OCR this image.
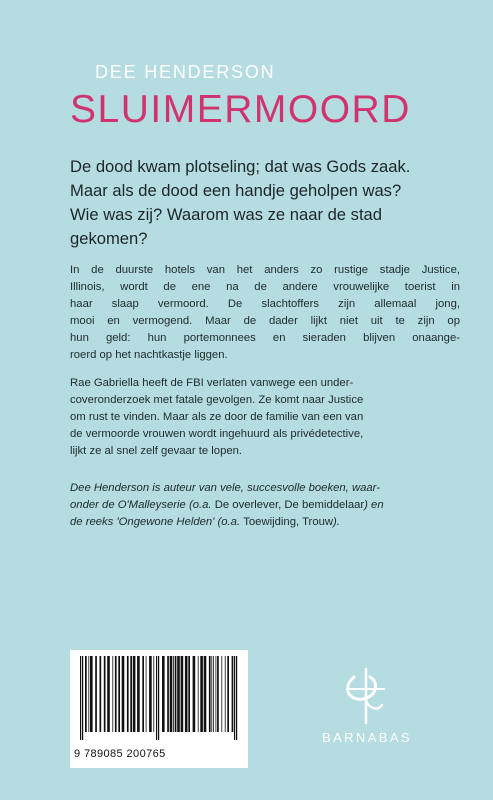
DEE HENDERSON
SLUIMERMOORD
De dood kwam plotseling; dat was Gods zaak.
Maar als de dood een handje geholpen was?
Wie was zij? Waarom was ze naar de stad
gekomen?
In de duurste hotels van het anders zo rustige stadje Justice,
Illinois, wordt de ene na de andere vrouwelijke toerist in
haar slaap vermoord. De slachtoffers zijn allemaal jong,
mooi en vermogend. Maar de dader lijkt niet uit te zijn op
hun geld: hun portemonnees en sieraden blijven onaange-
roerd op het nachtkastje liggen.
Rae Gabriella heeft de FBI verlaten vanwege een under-
coveronderzoek met fatale gevolgen. Ze komt naar Justice
om rust te vinden. Maar als ze door de familie van een van
de vermoorde vrouwen wordt ingehuurd als privédetective,
lijkt ze al snel zelf gevaar te lopen.
Dee Henderson is auteur van vele, succesvolle boeken, waar-
onder de O'Malleyserie (o.a. De overlever, De bemiddelaar) en
de reeks 'Ongewone Helden' (o.a. Toewijding, Trouw).
9 789085 200765
BARNABAS
